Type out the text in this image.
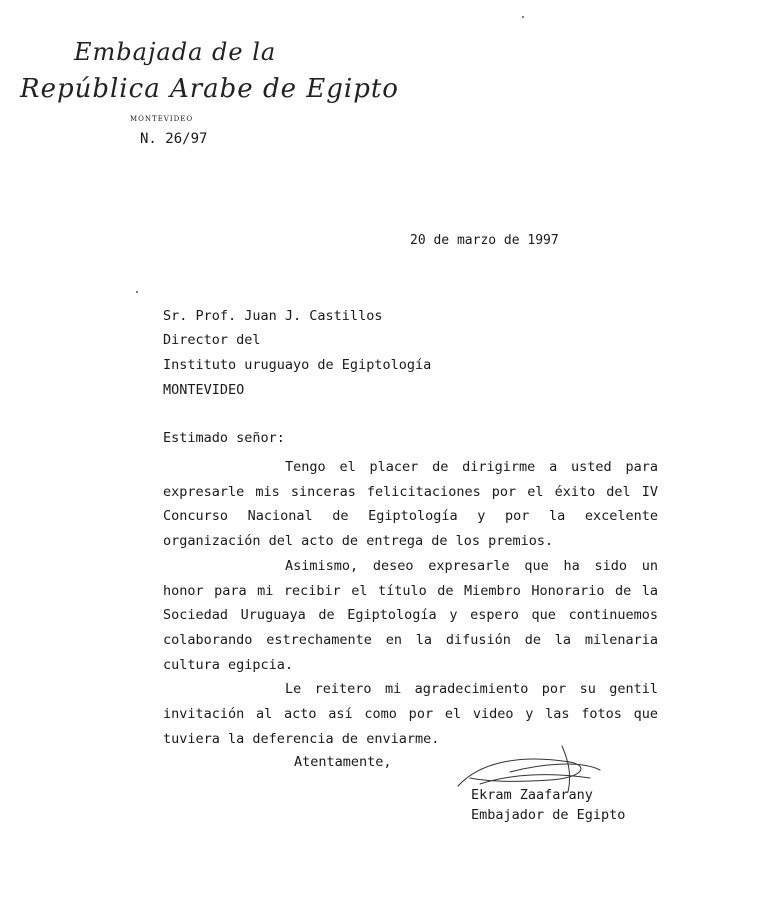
Embajada de la
República Arabe de Egipto
MONTEVIDEO
N. 26/97
20 de marzo de 1997
Sr. Prof. Juan J. Castillos
Director del
Instituto uruguayo de Egiptología
MONTEVIDEO
Estimado señor:

Tengo el placer de dirigirme a usted para expresarle mis sinceras felicitaciones por el éxito del IV Concurso Nacional de Egiptología y por la excelente organización del acto de entrega de los premios.

Asimismo, deseo expresarle que ha sido un honor para mi recibir el título de Miembro Honorario de la Sociedad Uruguaya de Egiptología y espero que continuemos colaborando estrechamente en la difusión de la milenaria cultura egipcia.

Le reitero mi agradecimiento por su gentil invitación al acto así como por el video y las fotos que tuviera la deferencia de enviarme.

Atentamente,
Ekram Zaafarany
Embajador de Egipto
